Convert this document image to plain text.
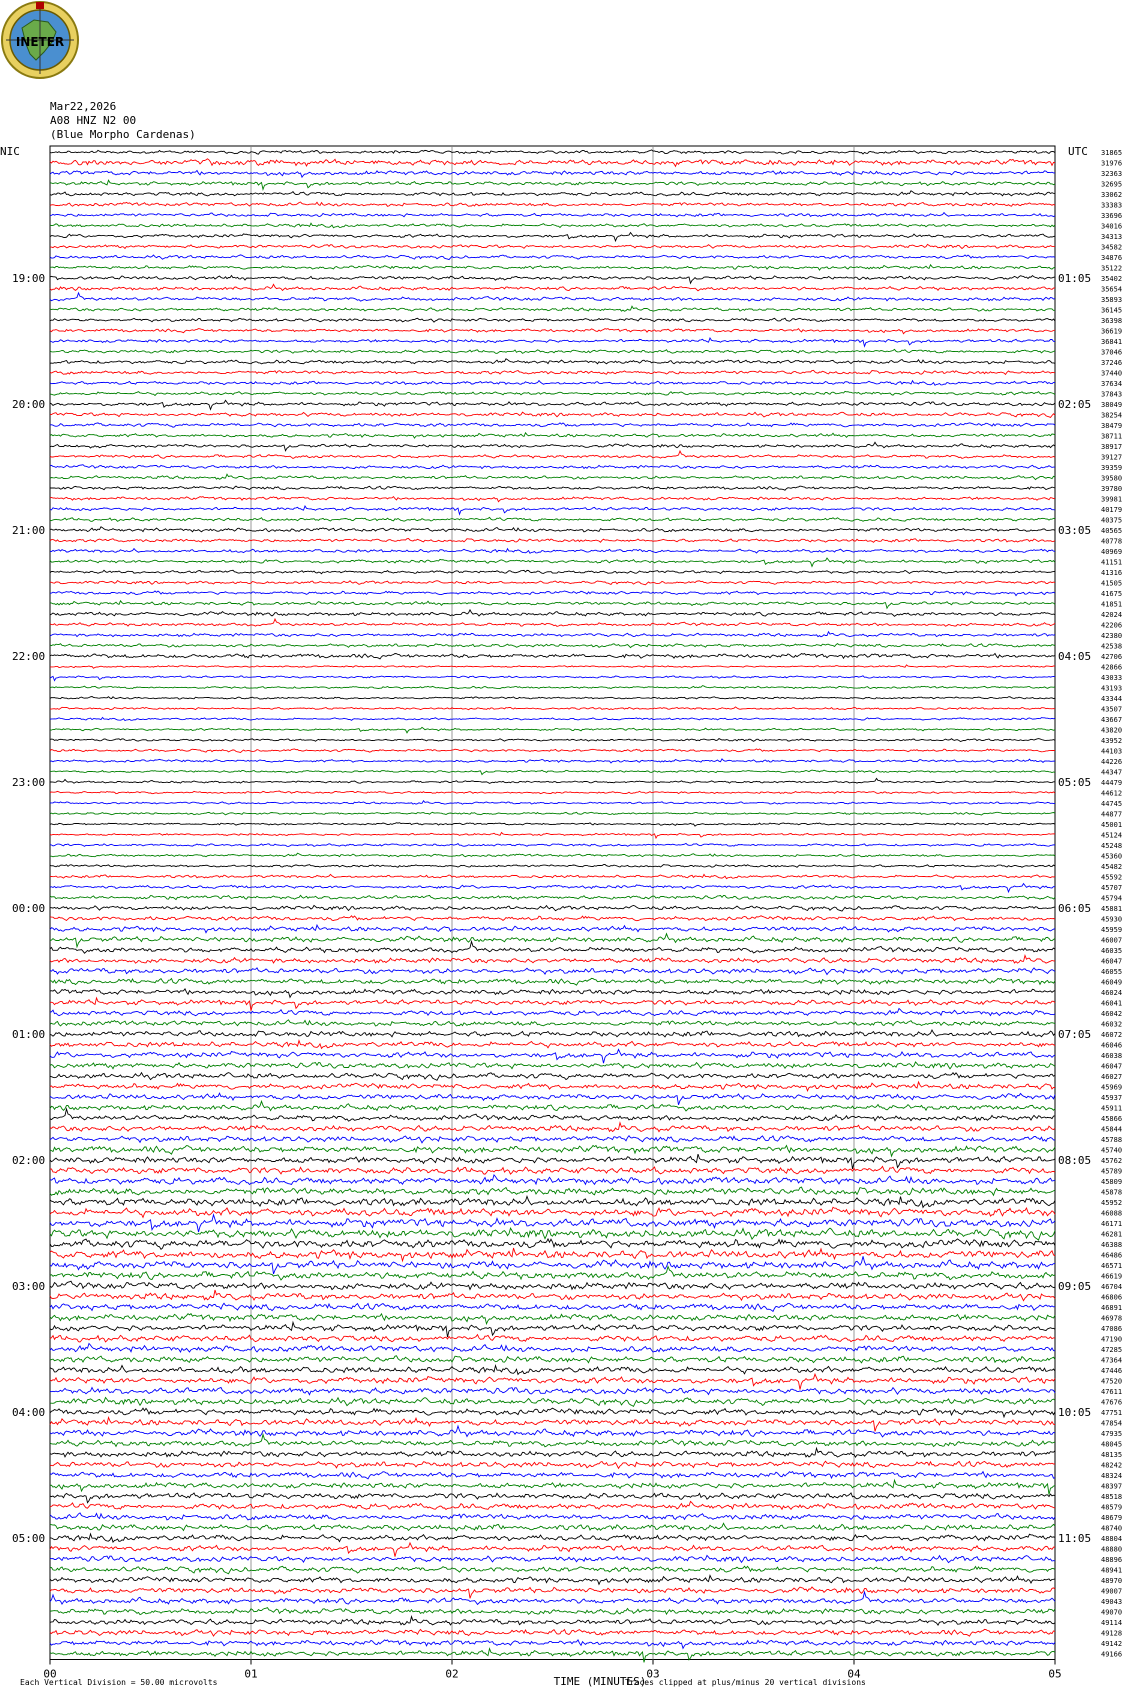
INETER
Mar22,2026
A08 HNZ N2 00
(Blue Morpho Cardenas)
NIC	UTC
19:00
20:00
21:00
22:00
23:00
00:00
01:00
02:00
03:00
04:00
05:00
01:05
02:05
03:05
04:05
05:05
06:05
07:05
08:05
09:05
10:05
11:05
31865
31976
32363
32695
33062
33383
33696
34016
34313
34582
34876
35122
35402
35654
35893
36145
36398
36619
36841
37046
37246
37440
37634
37843
38049
38254
38479
38711
38917
39127
39359
39580
39780
39981
40179
40375
40565
40778
40969
41151
41316
41505
41675
41851
42024
42206
42380
42538
42706
42866
43033
43193
43344
43507
43667
43820
43952
44103
44226
44347
44479
44612
44745
44877
45001
45124
45248
45360
45482
45592
45707
45794
45881
45930
45959
46007
46035
46047
46055
46049
46024
46041
46042
46032
46072
46046
46038
46047
46027
45969
45937
45911
45866
45844
45788
45740
45762
45789
45809
45878
45952
46088
46171
46281
46388
46486
46571
46619
46704
46806
46891
46978
47086
47190
47285
47364
47446
47520
47611
47676
47751
47854
47935
48045
48135
48242
48324
48397
48518
48579
48679
48740
48804
48880
48896
48941
48970
49007
49043
49070
49114
49128
49142
49166
00	01	02	03	04	05
TIME (MINUTES)
Each Vertical Division = 50.00 microvolts	Traces clipped at plus/minus 20 vertical divisions
